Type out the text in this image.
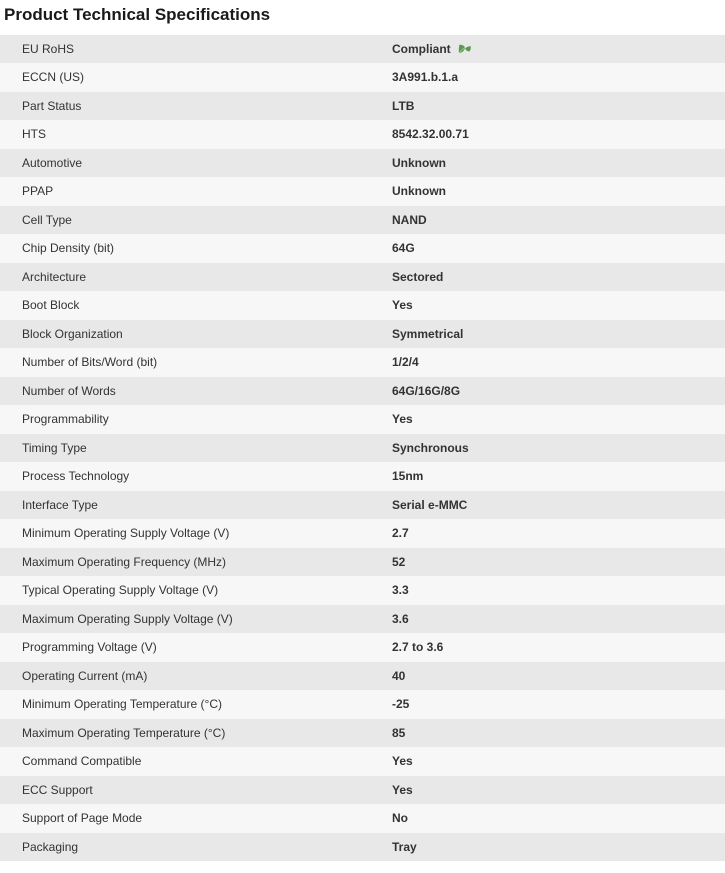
Product Technical Specifications
EU RoHS	Compliant

ECCN (US)	3A991.b.1.a

Part Status	LTB

HTS	8542.32.00.71

Automotive	Unknown

PPAP	Unknown

Cell Type	NAND

Chip Density (bit)	64G

Architecture	Sectored

Boot Block	Yes

Block Organization	Symmetrical

Number of Bits/Word (bit)	1/2/4

Number of Words	64G/16G/8G

Programmability	Yes

Timing Type	Synchronous

Process Technology	15nm

Interface Type	Serial e-MMC

Minimum Operating Supply Voltage (V)	2.7

Maximum Operating Frequency (MHz)	52

Typical Operating Supply Voltage (V)	3.3

Maximum Operating Supply Voltage (V)	3.6

Programming Voltage (V)	2.7 to 3.6

Operating Current (mA)	40

Minimum Operating Temperature (°C)	-25

Maximum Operating Temperature (°C)	85

Command Compatible	Yes

ECC Support	Yes

Support of Page Mode	No

Packaging	Tray
